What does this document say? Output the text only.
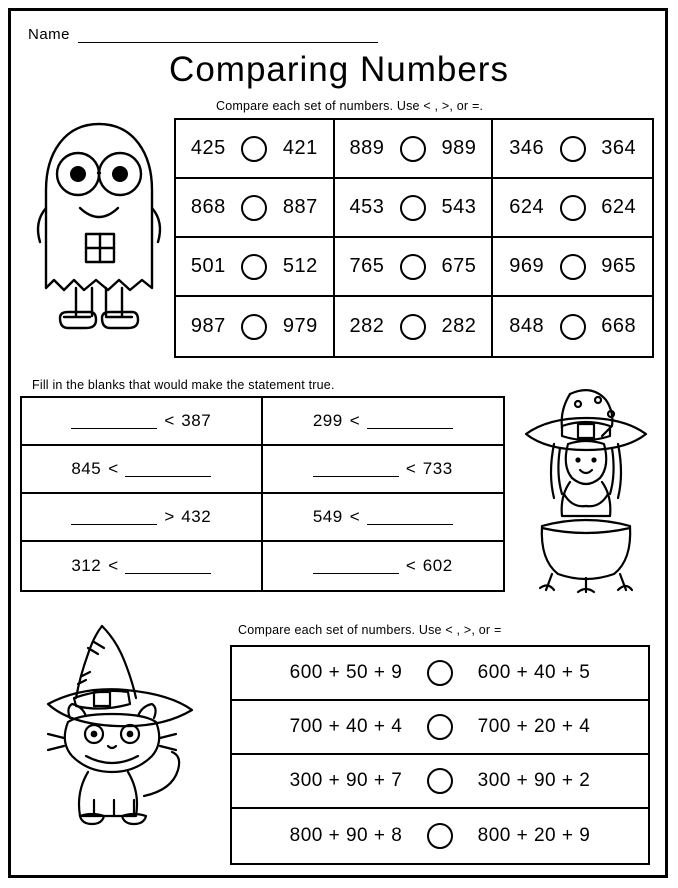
Name
Comparing Numbers
Compare each set of numbers. Use < , >, or =.
425	421 889	989 346	364
868	887 453	543 624	624
501	512 765	675 969	965
987	979 282	282 848	668
Fill in the blanks that would make the statement true.
< 387	299 <
845 <	< 733
> 432	549 <
312 <	< 602
Compare each set of numbers. Use < , >, or =
600 + 50 + 9	600 + 40 + 5
700 + 40 + 4	700 + 20 + 4
300 + 90 + 7	300 + 90 + 2
800 + 90 + 8	800 + 20 + 9
